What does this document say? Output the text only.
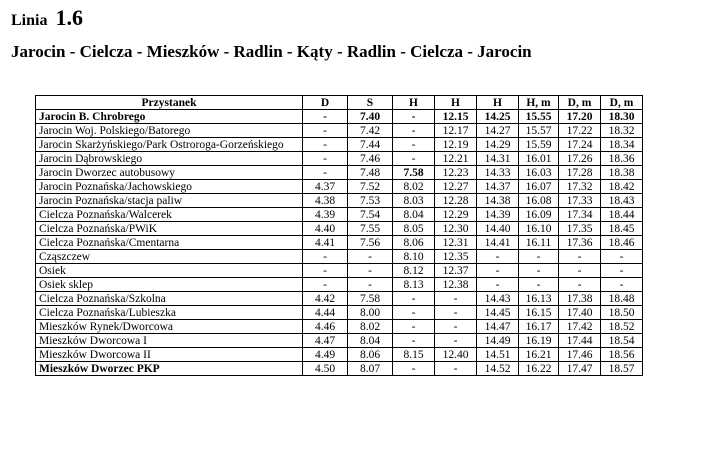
Linia 1.6
Jarocin - Cielcza - Mieszków - Radlin - Kąty - Radlin - Cielcza - Jarocin
Przystanek	D	S	H	H	H	H, m	D, m	D, m
Jarocin B. Chrobrego	-	7.40	-	12.15	14.25	15.55	17.20	18.30
Jarocin Woj. Polskiego/Batorego	-	7.42	-	12.17	14.27	15.57	17.22	18.32
Jarocin Skarżyńskiego/Park Ostroroga-Gorzeńskiego	-	7.44	-	12.19	14.29	15.59	17.24	18.34
Jarocin Dąbrowskiego	-	7.46	-	12.21	14.31	16.01	17.26	18.36
Jarocin Dworzec autobusowy	-	7.48	7.58	12.23	14.33	16.03	17.28	18.38
Jarocin Poznańska/Jachowskiego	4.37	7.52	8.02	12.27	14.37	16.07	17.32	18.42
Jarocin Poznańska/stacja paliw	4.38	7.53	8.03	12.28	14.38	16.08	17.33	18.43
Cielcza Poznańska/Walcerek	4.39	7.54	8.04	12.29	14.39	16.09	17.34	18.44
Cielcza Poznańska/PWiK	4.40	7.55	8.05	12.30	14.40	16.10	17.35	18.45
Cielcza Poznańska/Cmentarna	4.41	7.56	8.06	12.31	14.41	16.11	17.36	18.46
Cząszczew	-	-	8.10	12.35	-	-	-	-
Osiek	-	-	8.12	12.37	-	-	-	-
Osiek sklep	-	-	8.13	12.38	-	-	-	-
Cielcza Poznańska/Szkolna	4.42	7.58	-	-	14.43	16.13	17.38	18.48
Cielcza Poznańska/Lubieszka	4.44	8.00	-	-	14.45	16.15	17.40	18.50
Mieszków Rynek/Dworcowa	4.46	8.02	-	-	14.47	16.17	17.42	18.52
Mieszków Dworcowa I	4.47	8.04	-	-	14.49	16.19	17.44	18.54
Mieszków Dworcowa II	4.49	8.06	8.15	12.40	14.51	16.21	17.46	18.56
Mieszków Dworzec PKP	4.50	8.07	-	-	14.52	16.22	17.47	18.57
